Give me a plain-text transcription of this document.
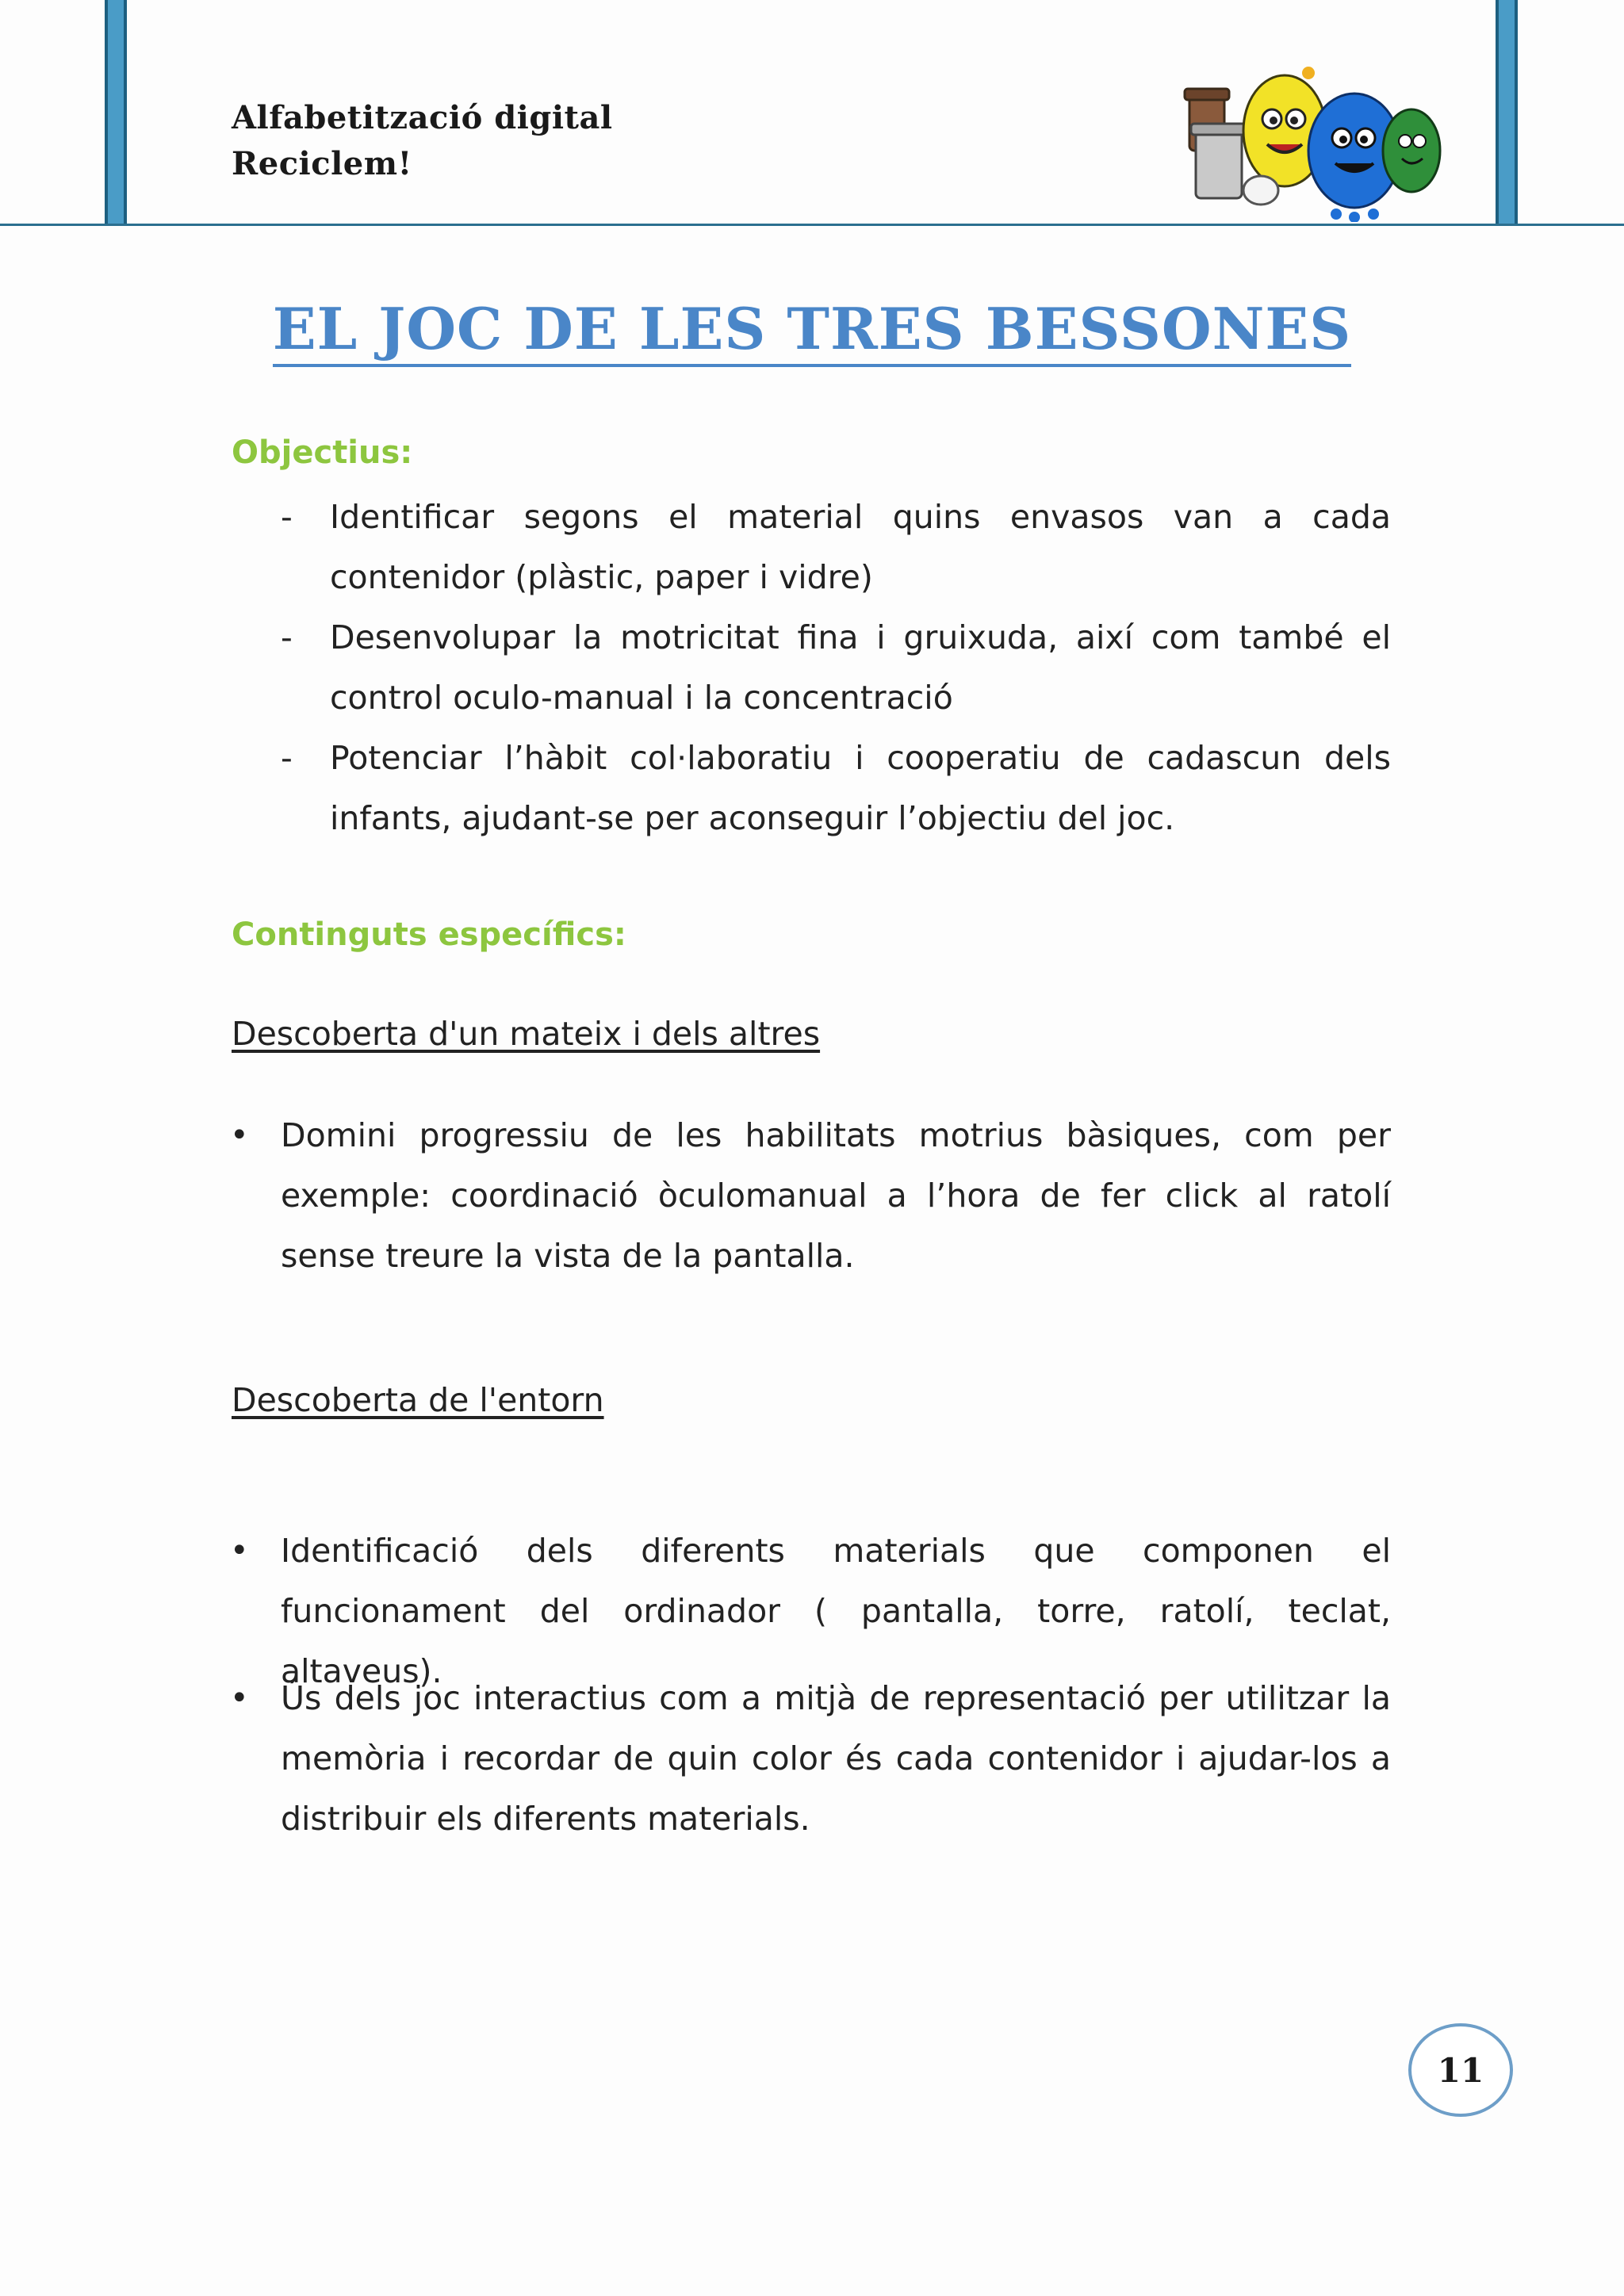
Alfabetització digital
Reciclem!
EL JOC DE LES TRES BESSONES
Objectius:
-	Identificar segons el material quins envasos van a cada contenidor (plàstic, paper i vidre)
-	Desenvolupar la motricitat fina i gruixuda, així com també el control oculo-manual i la concentració
-	Potenciar l’hàbit col·laboratiu i cooperatiu de cadascun dels infants, ajudant-se per aconseguir l’objectiu del joc.
Continguts específics:
Descoberta d'un mateix i dels altres
• Domini progressiu de les habilitats motrius bàsiques, com per exemple: coordinació òculomanual a l’hora de fer click al ratolí sense treure la vista de la pantalla.
Descoberta de l'entorn
• Identificació dels diferents materials que componen el funcionament del ordinador ( pantalla, torre, ratolí, teclat, altaveus).
• Ús dels joc interactius com a mitjà de representació per utilitzar la memòria i recordar de quin color és cada contenidor i ajudar-los a distribuir els diferents materials.
11
